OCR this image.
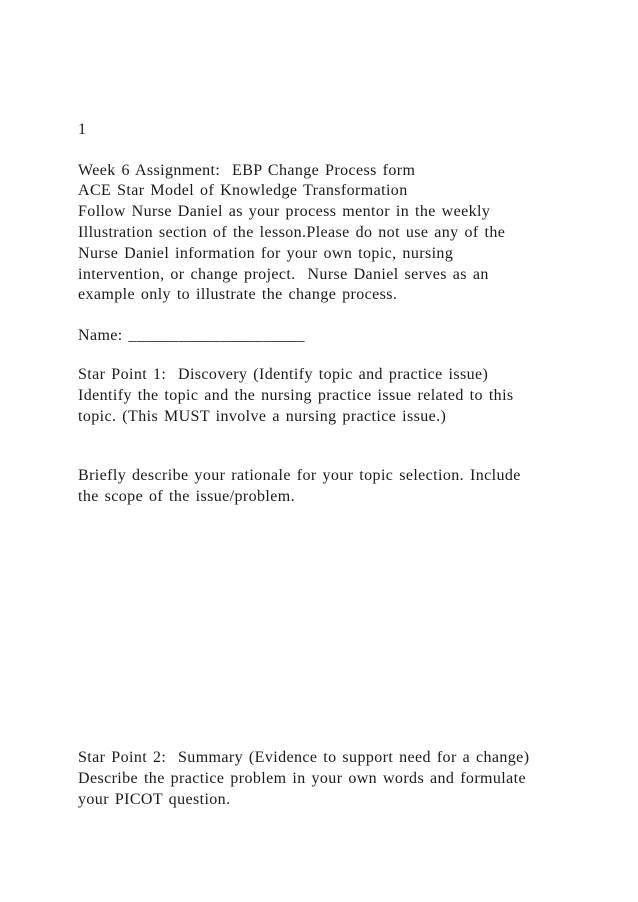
1
Week 6 Assignment:  EBP Change Process form
ACE Star Model of Knowledge Transformation
Follow Nurse Daniel as your process mentor in the weekly
Illustration section of the lesson.Please do not use any of the
Nurse Daniel information for your own topic, nursing
intervention, or change project.  Nurse Daniel serves as an
example only to illustrate the change process.
Name: _____________________
Star Point 1:  Discovery (Identify topic and practice issue)
Identify the topic and the nursing practice issue related to this
topic. (This MUST involve a nursing practice issue.)
Briefly describe your rationale for your topic selection. Include
the scope of the issue/problem.
Star Point 2:  Summary (Evidence to support need for a change)
Describe the practice problem in your own words and formulate
your PICOT question.
